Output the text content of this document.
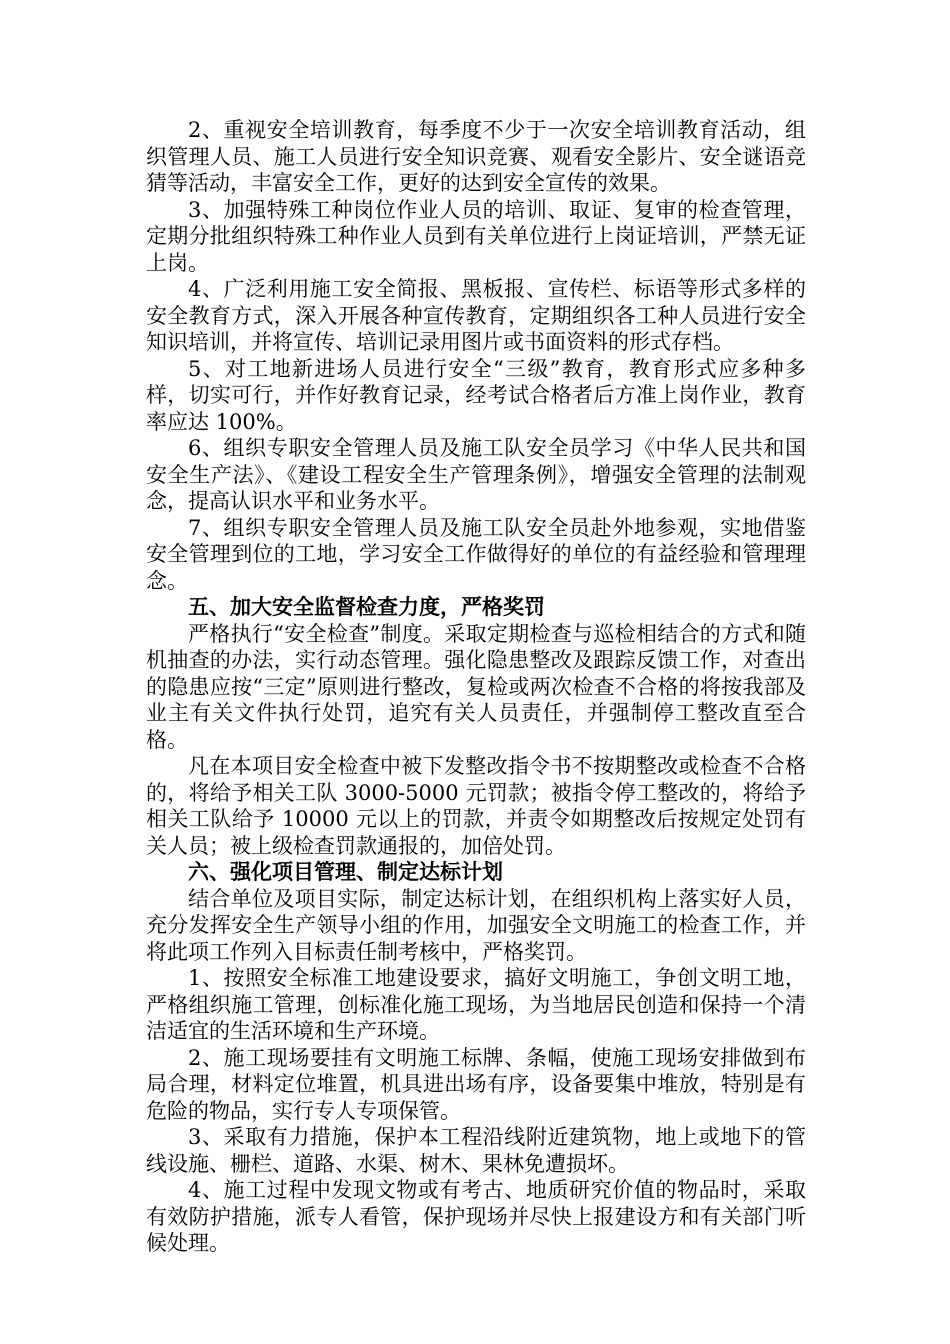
2、重视安全培训教育，每季度不少于一次安全培训教育活动，组织管理人员、施工人员进行安全知识竞赛、观看安全影片、安全谜语竞猜等活动，丰富安全工作，更好的达到安全宣传的效果。

3、加强特殊工种岗位作业人员的培训、取证、复审的检查管理，定期分批组织特殊工种作业人员到有关单位进行上岗证培训，严禁无证上岗。

4、广泛利用施工安全简报、黑板报、宣传栏、标语等形式多样的安全教育方式，深入开展各种宣传教育，定期组织各工种人员进行安全知识培训，并将宣传、培训记录用图片或书面资料的形式存档。

5、对工地新进场人员进行安全“三级”教育，教育形式应多种多样，切实可行，并作好教育记录，经考试合格者后方准上岗作业，教育率应达 100%。

6、组织专职安全管理人员及施工队安全员学习《中华人民共和国安全生产法》、《建设工程安全生产管理条例》，增强安全管理的法制观念，提高认识水平和业务水平。

7、组织专职安全管理人员及施工队安全员赴外地参观，实地借鉴安全管理到位的工地，学习安全工作做得好的单位的有益经验和管理理念。

五、加大安全监督检查力度，严格奖罚

严格执行“安全检查”制度。采取定期检查与巡检相结合的方式和随机抽查的办法，实行动态管理。强化隐患整改及跟踪反馈工作，对查出的隐患应按“三定”原则进行整改，复检或两次检查不合格的将按我部及业主有关文件执行处罚，追究有关人员责任，并强制停工整改直至合格。

凡在本项目安全检查中被下发整改指令书不按期整改或检查不合格的，将给予相关工队 3000-5000 元罚款；被指令停工整改的，将给予相关工队给予 10000 元以上的罚款，并责令如期整改后按规定处罚有关人员；被上级检查罚款通报的，加倍处罚。

六、强化项目管理、制定达标计划

结合单位及项目实际，制定达标计划，在组织机构上落实好人员，充分发挥安全生产领导小组的作用，加强安全文明施工的检查工作，并将此项工作列入目标责任制考核中，严格奖罚。

1、按照安全标准工地建设要求，搞好文明施工，争创文明工地，严格组织施工管理，创标准化施工现场，为当地居民创造和保持一个清洁适宜的生活环境和生产环境。

2、施工现场要挂有文明施工标牌、条幅，使施工现场安排做到布局合理，材料定位堆置，机具进出场有序，设备要集中堆放，特别是有危险的物品，实行专人专项保管。

3、采取有力措施，保护本工程沿线附近建筑物，地上或地下的管线设施、栅栏、道路、水渠、树木、果林免遭损坏。

4、施工过程中发现文物或有考古、地质研究价值的物品时，采取有效防护措施，派专人看管，保护现场并尽快上报建设方和有关部门听候处理。
